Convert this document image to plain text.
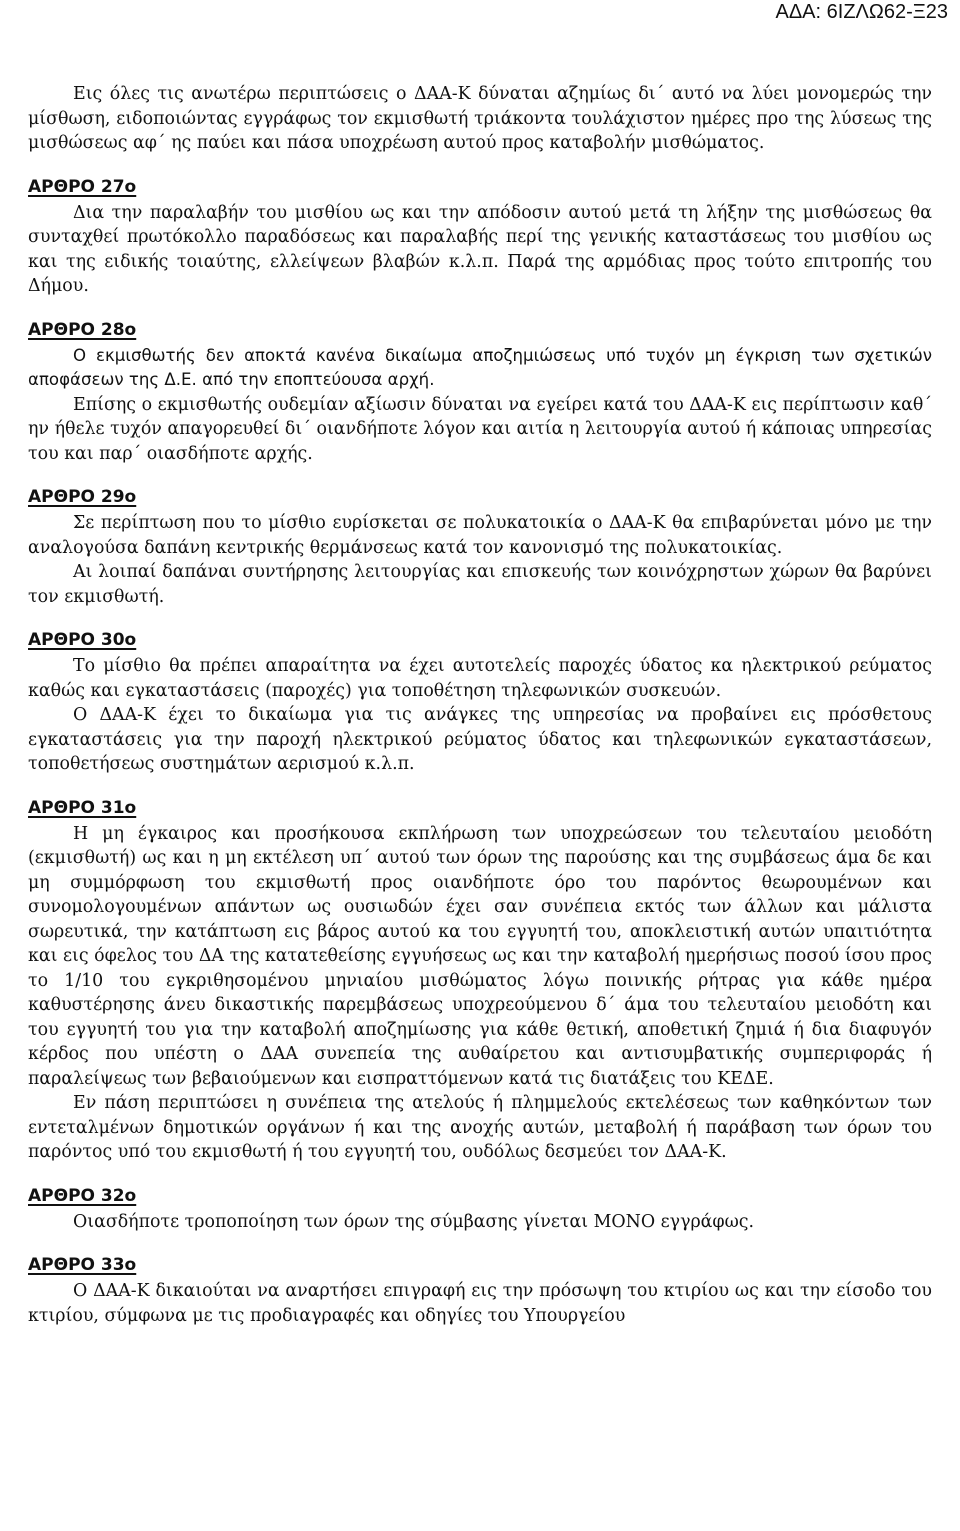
ΑΔΑ: 6ΙΖΛΩ62-Ξ23

Εις όλες τις ανωτέρω περιπτώσεις ο ΔΑΑ-Κ δύναται αζημίως δι΄ αυτό να λύει μονομερώς την μίσθωση, ειδοποιώντας εγγράφως τον εκμισθωτή τριάκοντα τουλάχιστον ημέρες προ της λύσεως της μισθώσεως αφ΄ ης παύει και πάσα υποχρέωση αυτού προς καταβολήν μισθώματος.

ΑΡΘΡΟ 27ο

Δια την παραλαβήν του μισθίου ως και την απόδοσιν αυτού μετά τη λήξην της μισθώσεως θα συνταχθεί πρωτόκολλο παραδόσεως και παραλαβής περί της γενικής καταστάσεως του μισθίου ως και της ειδικής τοιαύτης, ελλείψεων βλαβών κ.λ.π. Παρά της αρμόδιας προς τούτο επιτροπής του Δήμου.

ΑΡΘΡΟ 28ο

Ο εκμισθωτής δεν αποκτά κανένα δικαίωμα αποζημιώσεως υπό τυχόν μη έγκριση των σχετικών αποφάσεων της Δ.Ε. από την εποπτεύουσα αρχή.

Επίσης ο εκμισθωτής ουδεμίαν αξίωσιν δύναται να εγείρει κατά του ΔΑΑ-Κ εις περίπτωσιν καθ΄ ην ήθελε τυχόν απαγορευθεί δι΄ οιανδήποτε λόγον και αιτία η λειτουργία αυτού ή κάποιας υπηρεσίας του και παρ΄ οιασδήποτε αρχής.

ΑΡΘΡΟ 29ο

Σε περίπτωση που το μίσθιο ευρίσκεται σε πολυκατοικία ο ΔΑΑ-Κ θα επιβαρύνεται μόνο με την αναλογούσα δαπάνη κεντρικής θερμάνσεως κατά τον κανονισμό της πολυκατοικίας.

Αι λοιπαί δαπάναι συντήρησης λειτουργίας και επισκευής των κοινόχρηστων χώρων θα βαρύνει τον εκμισθωτή.

ΑΡΘΡΟ 30ο

Το μίσθιο θα πρέπει απαραίτητα να έχει αυτοτελείς παροχές ύδατος κα ηλεκτρικού ρεύματος καθώς και εγκαταστάσεις (παροχές) για τοποθέτηση τηλεφωνικών συσκευών.

Ο ΔΑΑ-Κ έχει το δικαίωμα για τις ανάγκες της υπηρεσίας να προβαίνει εις πρόσθετους εγκαταστάσεις για την παροχή ηλεκτρικού ρεύματος ύδατος και τηλεφωνικών εγκαταστάσεων, τοποθετήσεως συστημάτων αερισμού κ.λ.π.

ΑΡΘΡΟ 31ο

Η μη έγκαιρος και προσήκουσα εκπλήρωση των υποχρεώσεων του τελευταίου μειοδότη (εκμισθωτή) ως και η μη εκτέλεση υπ΄ αυτού των όρων της παρούσης και της συμβάσεως άμα δε και μη συμμόρφωση του εκμισθωτή προς οιανδήποτε όρο του παρόντος θεωρουμένων και συνομολογουμένων απάντων ως ουσιωδών έχει σαν συνέπεια εκτός των άλλων και μάλιστα σωρευτικά, την κατάπτωση εις βάρος αυτού κα του εγγυητή του, αποκλειστική αυτών υπαιτιότητα και εις όφελος του ΔΑ της κατατεθείσης εγγυήσεως ως και την καταβολή ημερήσιως ποσού ίσου προς το 1/10 του εγκριθησομένου μηνιαίου μισθώματος λόγω ποινικής ρήτρας για κάθε ημέρα καθυστέρησης άνευ δικαστικής παρεμβάσεως υποχρεούμενου δ΄ άμα του τελευταίου μειοδότη και του εγγυητή του για την καταβολή αποζημίωσης για κάθε θετική, αποθετική ζημιά ή δια διαφυγόν κέρδος που υπέστη ο ΔΑΑ συνεπεία της αυθαίρετου και αντισυμβατικής συμπεριφοράς ή παραλείψεως των βεβαιούμενων και εισπραττόμενων κατά τις διατάξεις του ΚΕΔΕ.

Εν πάση περιπτώσει η συνέπεια της ατελούς ή πλημμελούς εκτελέσεως των καθηκόντων των εντεταλμένων δημοτικών οργάνων ή και της ανοχής αυτών, μεταβολή ή παράβαση των όρων του παρόντος υπό του εκμισθωτή ή του εγγυητή του, ουδόλως δεσμεύει τον ΔΑΑ-Κ.

ΑΡΘΡΟ 32ο

Οιασδήποτε τροποποίηση των όρων της σύμβασης γίνεται ΜΟΝΟ εγγράφως.

ΑΡΘΡΟ 33ο

Ο ΔΑΑ-Κ δικαιούται να αναρτήσει επιγραφή εις την πρόσωψη του κτιρίου ως και την είσοδο του κτιρίου, σύμφωνα με τις προδιαγραφές και οδηγίες του Υπουργείου
